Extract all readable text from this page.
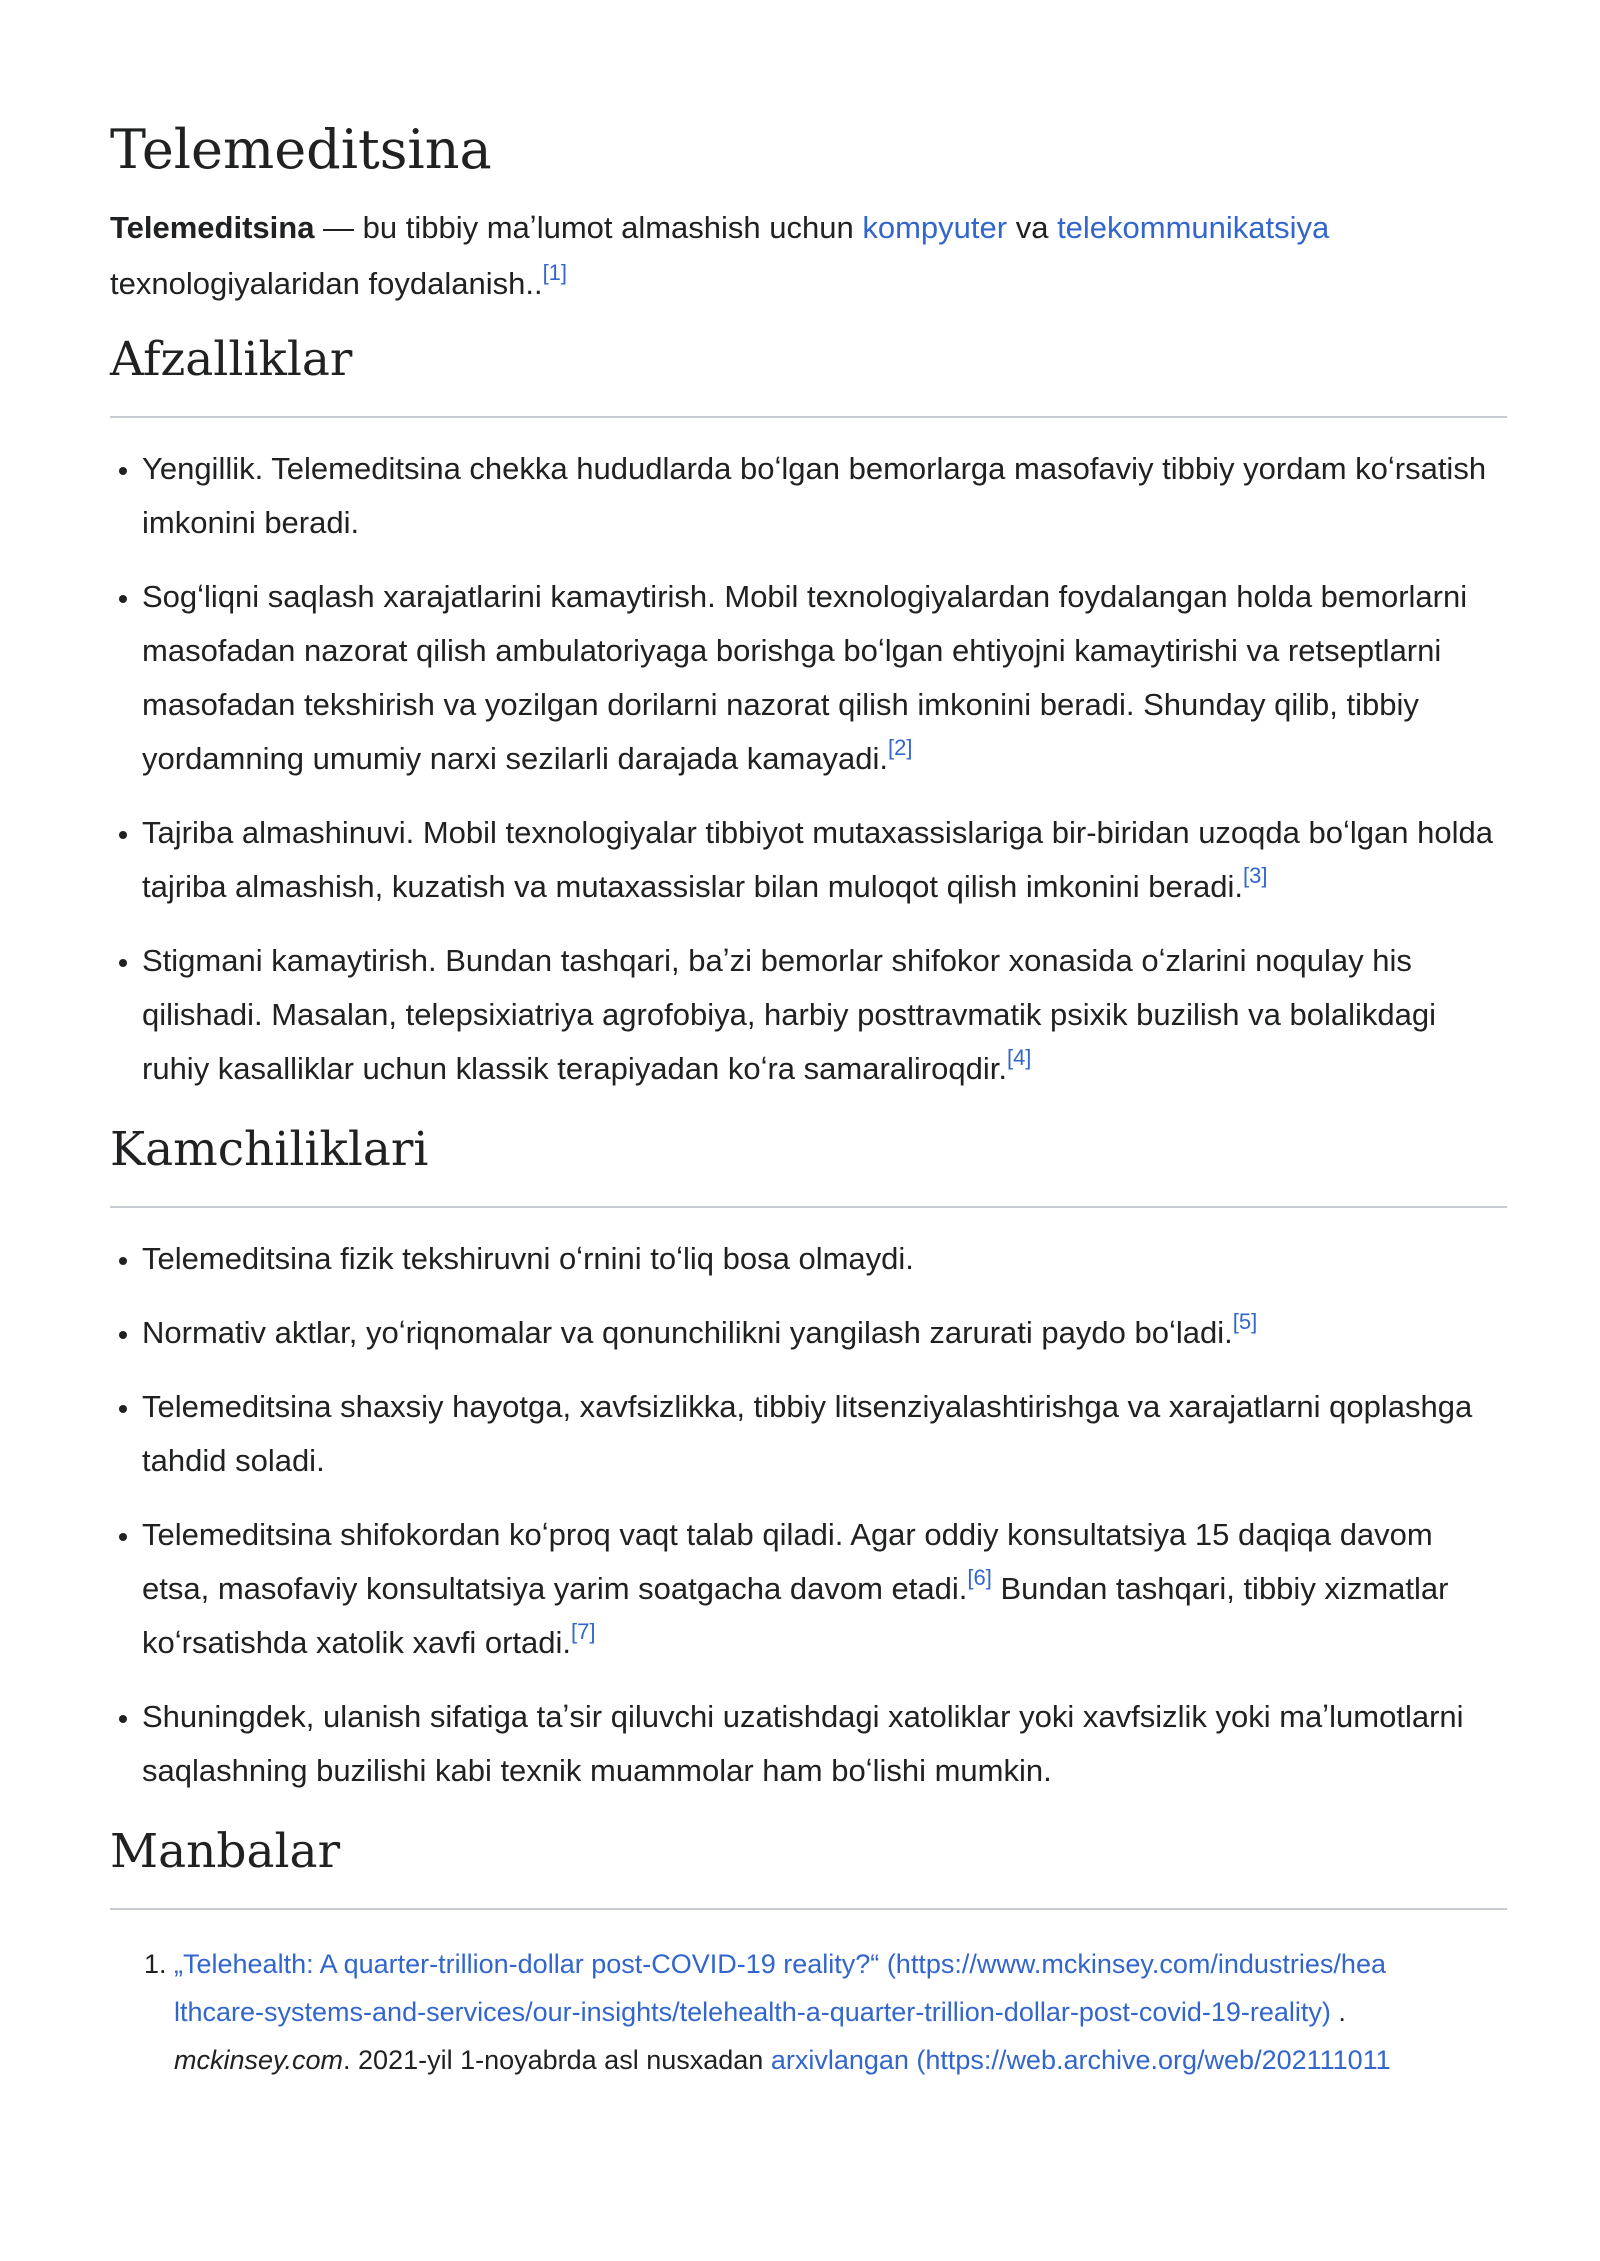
Telemeditsina

Telemeditsina — bu tibbiy maʼlumot almashish uchun kompyuter va telekommunikatsiya texnologiyalaridan foydalanish..[1]

Afzalliklar
• Yengillik. Telemeditsina chekka hududlarda boʻlgan bemorlarga masofaviy tibbiy yordam koʻrsatish imkonini beradi.
• Sogʻliqni saqlash xarajatlarini kamaytirish. Mobil texnologiyalardan foydalangan holda bemorlarni masofadan nazorat qilish ambulatoriyaga borishga boʻlgan ehtiyojni kamaytirishi va retseptlarni masofadan tekshirish va yozilgan dorilarni nazorat qilish imkonini beradi. Shunday qilib, tibbiy yordamning umumiy narxi sezilarli darajada kamayadi.[2]
• Tajriba almashinuvi. Mobil texnologiyalar tibbiyot mutaxassislariga bir-biridan uzoqda boʻlgan holda tajriba almashish, kuzatish va mutaxassislar bilan muloqot qilish imkonini beradi.[3]
• Stigmani kamaytirish. Bundan tashqari, baʼzi bemorlar shifokor xonasida oʻzlarini noqulay his qilishadi. Masalan, telepsixiatriya agrofobiya, harbiy posttravmatik psixik buzilish va bolalikdagi ruhiy kasalliklar uchun klassik terapiyadan koʻra samaraliroqdir.[4]
Kamchiliklari
• Telemeditsina fizik tekshiruvni oʻrnini toʻliq bosa olmaydi.
• Normativ aktlar, yoʻriqnomalar va qonunchilikni yangilash zarurati paydo boʻladi.[5]
• Telemeditsina shaxsiy hayotga, xavfsizlikka, tibbiy litsenziyalashtirishga va xarajatlarni qoplashga tahdid soladi.
• Telemeditsina shifokordan koʻproq vaqt talab qiladi. Agar oddiy konsultatsiya 15 daqiqa davom etsa, masofaviy konsultatsiya yarim soatgacha davom etadi.[6] Bundan tashqari, tibbiy xizmatlar koʻrsatishda xatolik xavfi ortadi.[7]
• Shuningdek, ulanish sifatiga taʼsir qiluvchi uzatishdagi xatoliklar yoki xavfsizlik yoki maʼlumotlarni saqlashning buzilishi kabi texnik muammolar ham boʻlishi mumkin.
Manbalar
1. „Telehealth: A quarter-trillion-dollar post-COVID-19 reality?“ (https://www.mckinsey.com/industries/hea
lthcare-systems-and-services/our-insights/telehealth-a-quarter-trillion-dollar-post-covid-19-reality) .
mckinsey.com. 2021-yil 1-noyabrda asl nusxadan arxivlangan (https://web.archive.org/web/202111011
